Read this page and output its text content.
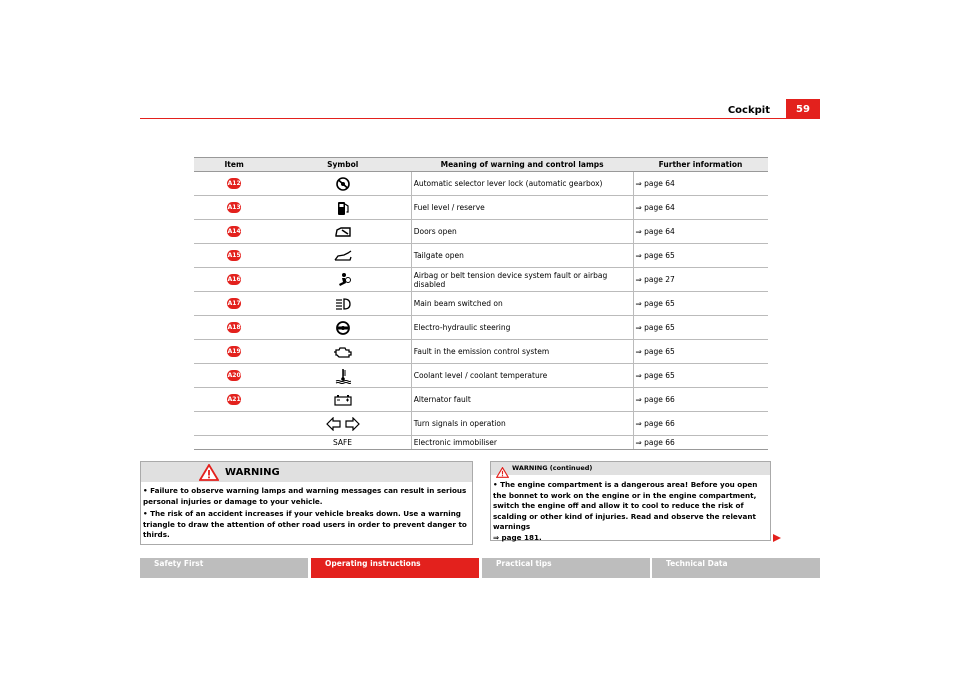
Cockpit	59
Item	Symbol	Meaning of warning and control lamps	Further information
A12		Automatic selector lever lock (automatic gearbox)	⇒ page 64
A13		Fuel level / reserve	⇒ page 64
A14		Doors open	⇒ page 64
A15		Tailgate open	⇒ page 65
A16		Airbag or belt tension device system fault or airbag disabled	⇒ page 27
A17		Main beam switched on	⇒ page 65
A18		Electro-hydraulic steering	⇒ page 65
A19		Fault in the emission control system	⇒ page 65
A20		Coolant level / coolant temperature	⇒ page 65
A21		Alternator fault	⇒ page 66
		Turn signals in operation	⇒ page 66
	SAFE	Electronic immobiliser	⇒ page 66
WARNING
• Failure to observe warning lamps and warning messages can result in serious personal injuries or damage to your vehicle.
• The risk of an accident increases if your vehicle breaks down. Use a warning triangle to draw the attention of other road users in order to prevent danger to thirds.
WARNING (continued)
• The engine compartment is a dangerous area! Before you open the bonnet to work on the engine or in the engine compartment, switch the engine off and allow it to cool to reduce the risk of scalding or other kind of injuries. Read and observe the relevant warnings
⇒ page 181.
Safety First	Operating instructions	Practical tips	Technical Data
